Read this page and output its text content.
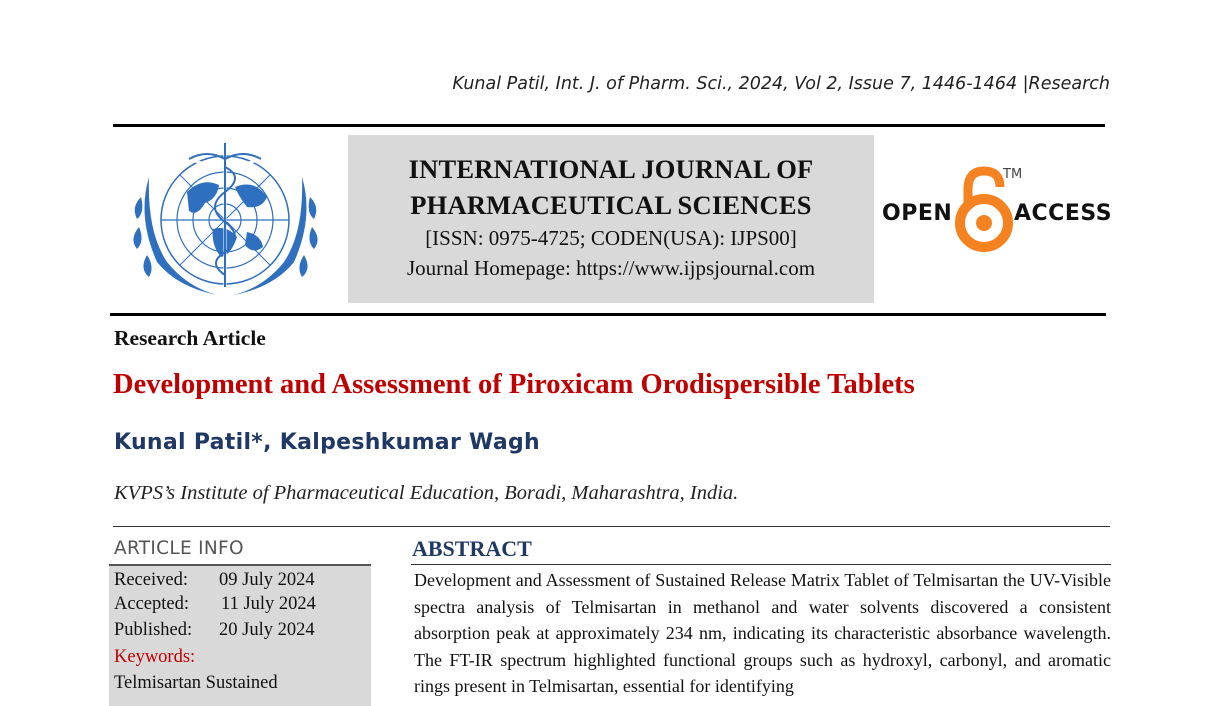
Kunal Patil, Int. J. of Pharm. Sci., 2024, Vol 2, Issue 7, 1446-1464 |Research
INTERNATIONAL JOURNAL OF
PHARMACEUTICAL SCIENCES
[ISSN: 0975-4725; CODEN(USA): IJPS00]
Journal Homepage: https://www.ijpsjournal.com
OPEN	ACCESS
TM
Research Article
Development and Assessment of Piroxicam Orodispersible Tablets
Kunal Patil*, Kalpeshkumar Wagh
KVPS’s Institute of Pharmaceutical Education, Boradi, Maharashtra, India.
ARTICLE INFO
Received: 09 July 2024
Accepted: 11 July 2024
Published: 20 July 2024
Keywords:
Telmisartan Sustained
ABSTRACT
Development and Assessment of Sustained Release Matrix Tablet of Telmisartan the UV-Visible spectra analysis of Telmisartan in methanol and water solvents discovered a consistent absorption peak at approximately 234 nm, indicating its characteristic absorbance wavelength. The FT-IR spectrum highlighted functional groups such as hydroxyl, carbonyl, and aromatic rings present in Telmisartan, essential for identifying
